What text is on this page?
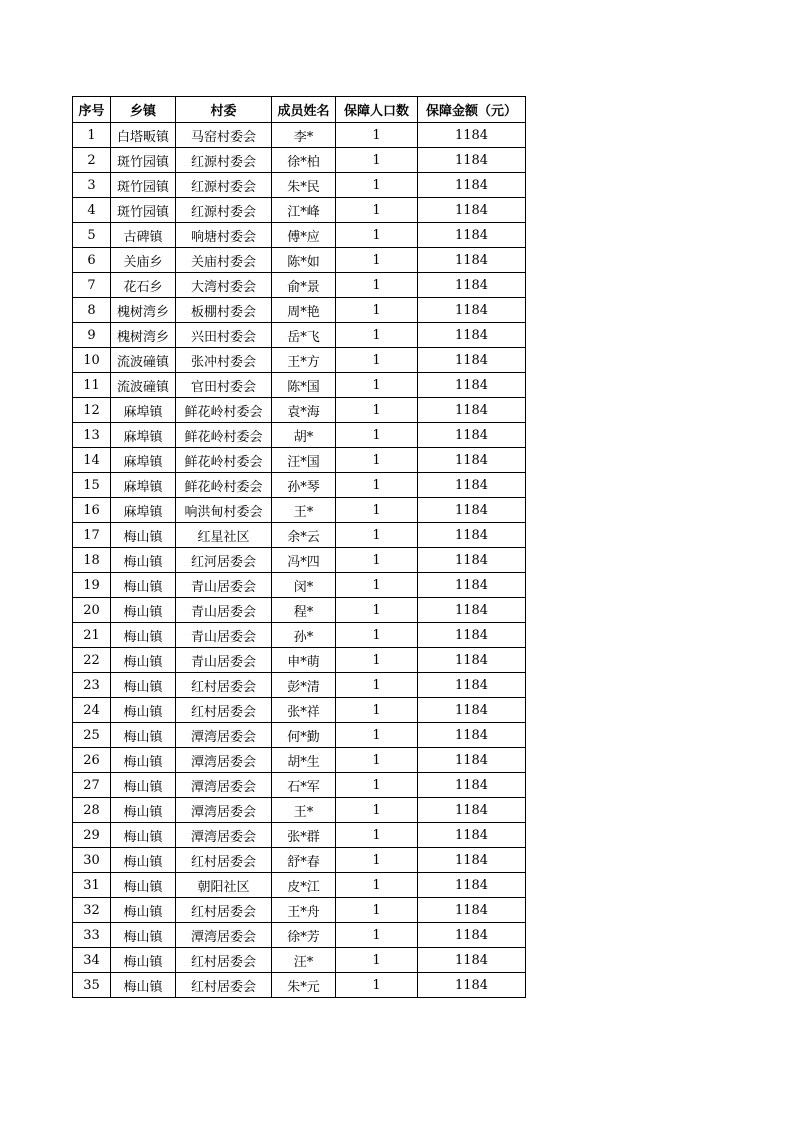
序号	乡镇	村委	成员姓名	保障人口数	保障金额（元）
1	白塔畈镇	马窑村委会	李*	1	1184
2	斑竹园镇	红源村委会	徐*柏	1	1184
3	斑竹园镇	红源村委会	朱*民	1	1184
4	斑竹园镇	红源村委会	江*峰	1	1184
5	古碑镇	响塘村委会	傅*应	1	1184
6	关庙乡	关庙村委会	陈*如	1	1184
7	花石乡	大湾村委会	俞*景	1	1184
8	槐树湾乡	板棚村委会	周*艳	1	1184
9	槐树湾乡	兴田村委会	岳*飞	1	1184
10	流波䃥镇	张冲村委会	王*方	1	1184
11	流波䃥镇	官田村委会	陈*国	1	1184
12	麻埠镇	鲜花岭村委会	袁*海	1	1184
13	麻埠镇	鲜花岭村委会	胡*	1	1184
14	麻埠镇	鲜花岭村委会	汪*国	1	1184
15	麻埠镇	鲜花岭村委会	孙*琴	1	1184
16	麻埠镇	响洪甸村委会	王*	1	1184
17	梅山镇	红星社区	余*云	1	1184
18	梅山镇	红河居委会	冯*四	1	1184
19	梅山镇	青山居委会	闵*	1	1184
20	梅山镇	青山居委会	程*	1	1184
21	梅山镇	青山居委会	孙*	1	1184
22	梅山镇	青山居委会	申*萌	1	1184
23	梅山镇	红村居委会	彭*清	1	1184
24	梅山镇	红村居委会	张*祥	1	1184
25	梅山镇	潭湾居委会	何*勤	1	1184
26	梅山镇	潭湾居委会	胡*生	1	1184
27	梅山镇	潭湾居委会	石*军	1	1184
28	梅山镇	潭湾居委会	王*	1	1184
29	梅山镇	潭湾居委会	张*群	1	1184
30	梅山镇	红村居委会	舒*春	1	1184
31	梅山镇	朝阳社区	皮*江	1	1184
32	梅山镇	红村居委会	王*舟	1	1184
33	梅山镇	潭湾居委会	徐*芳	1	1184
34	梅山镇	红村居委会	汪*	1	1184
35	梅山镇	红村居委会	朱*元	1	1184
